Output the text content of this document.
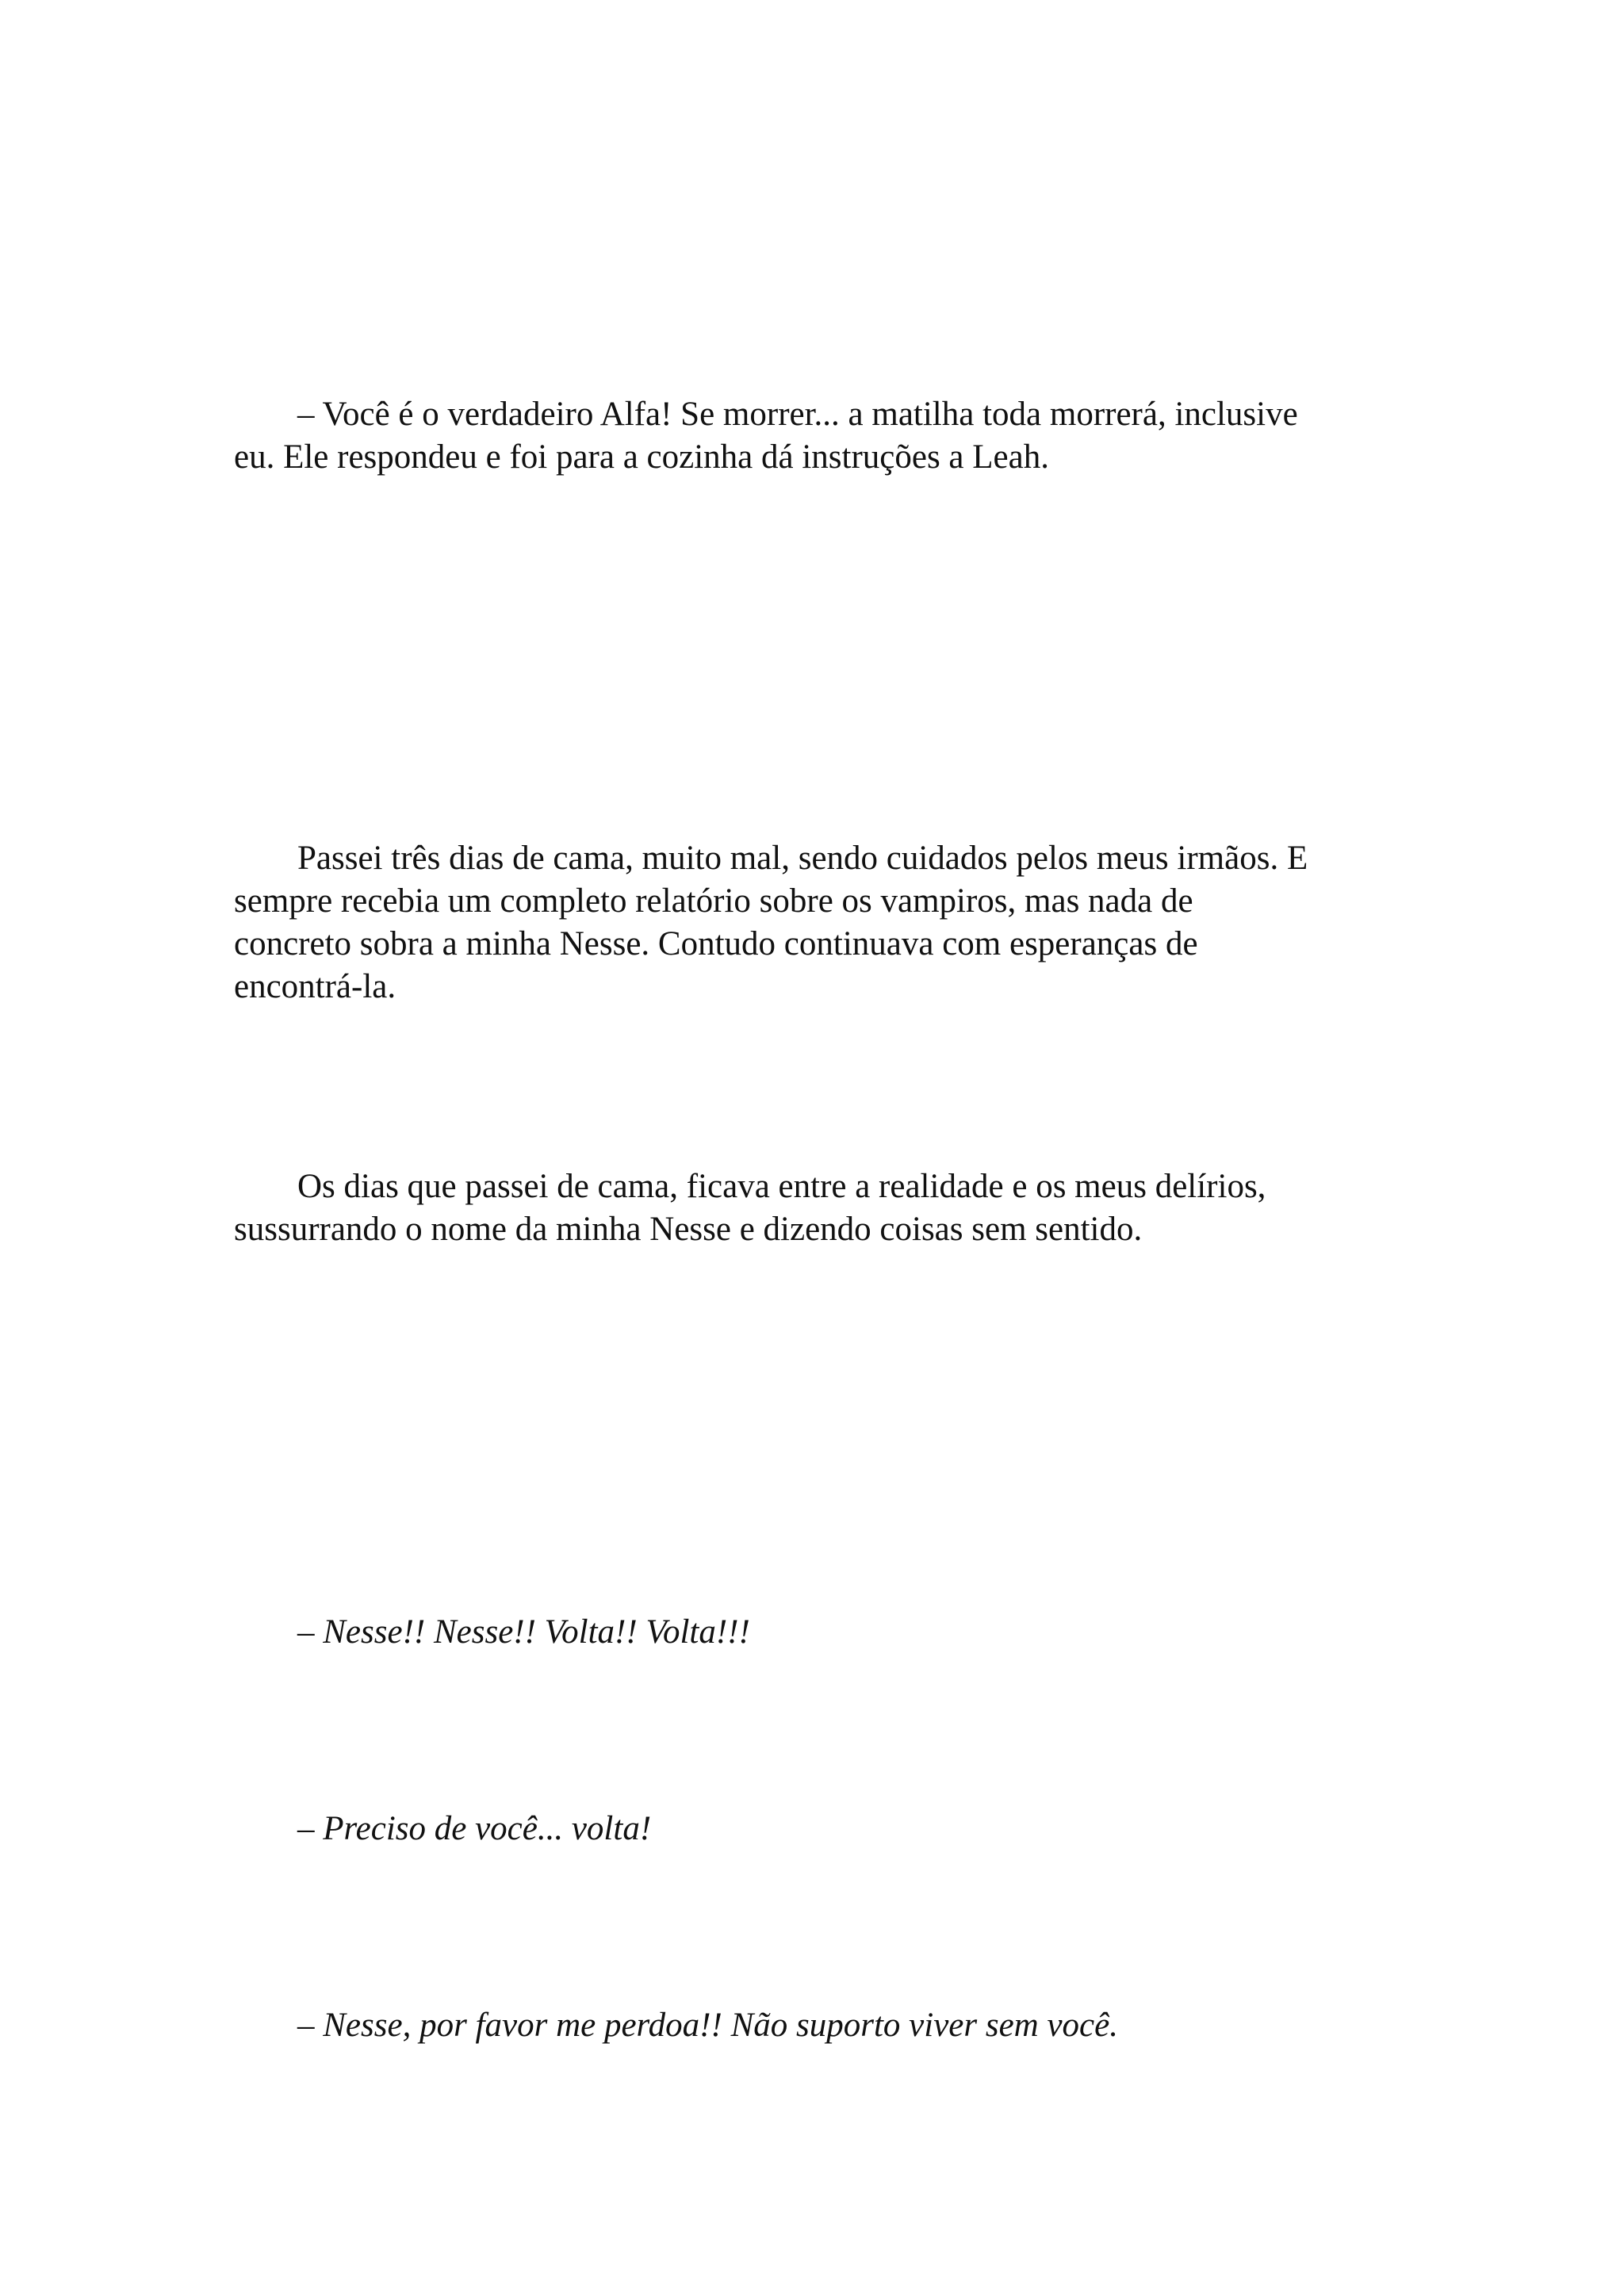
– Você é o verdadeiro Alfa! Se morrer... a matilha toda morrerá, inclusive
eu. Ele respondeu e foi para a cozinha dá instruções a Leah.

Passei três dias de cama, muito mal, sendo cuidados pelos meus irmãos. E
sempre recebia um completo relatório sobre os vampiros, mas nada de
concreto sobra a minha Nesse. Contudo continuava com esperanças de
encontrá-la.

Os dias que passei de cama, ficava entre a realidade e os meus delírios,
sussurrando o nome da minha Nesse e dizendo coisas sem sentido.

– Nesse!! Nesse!! Volta!! Volta!!!

– Preciso de você... volta!

– Nesse, por favor me perdoa!! Não suporto viver sem você.
